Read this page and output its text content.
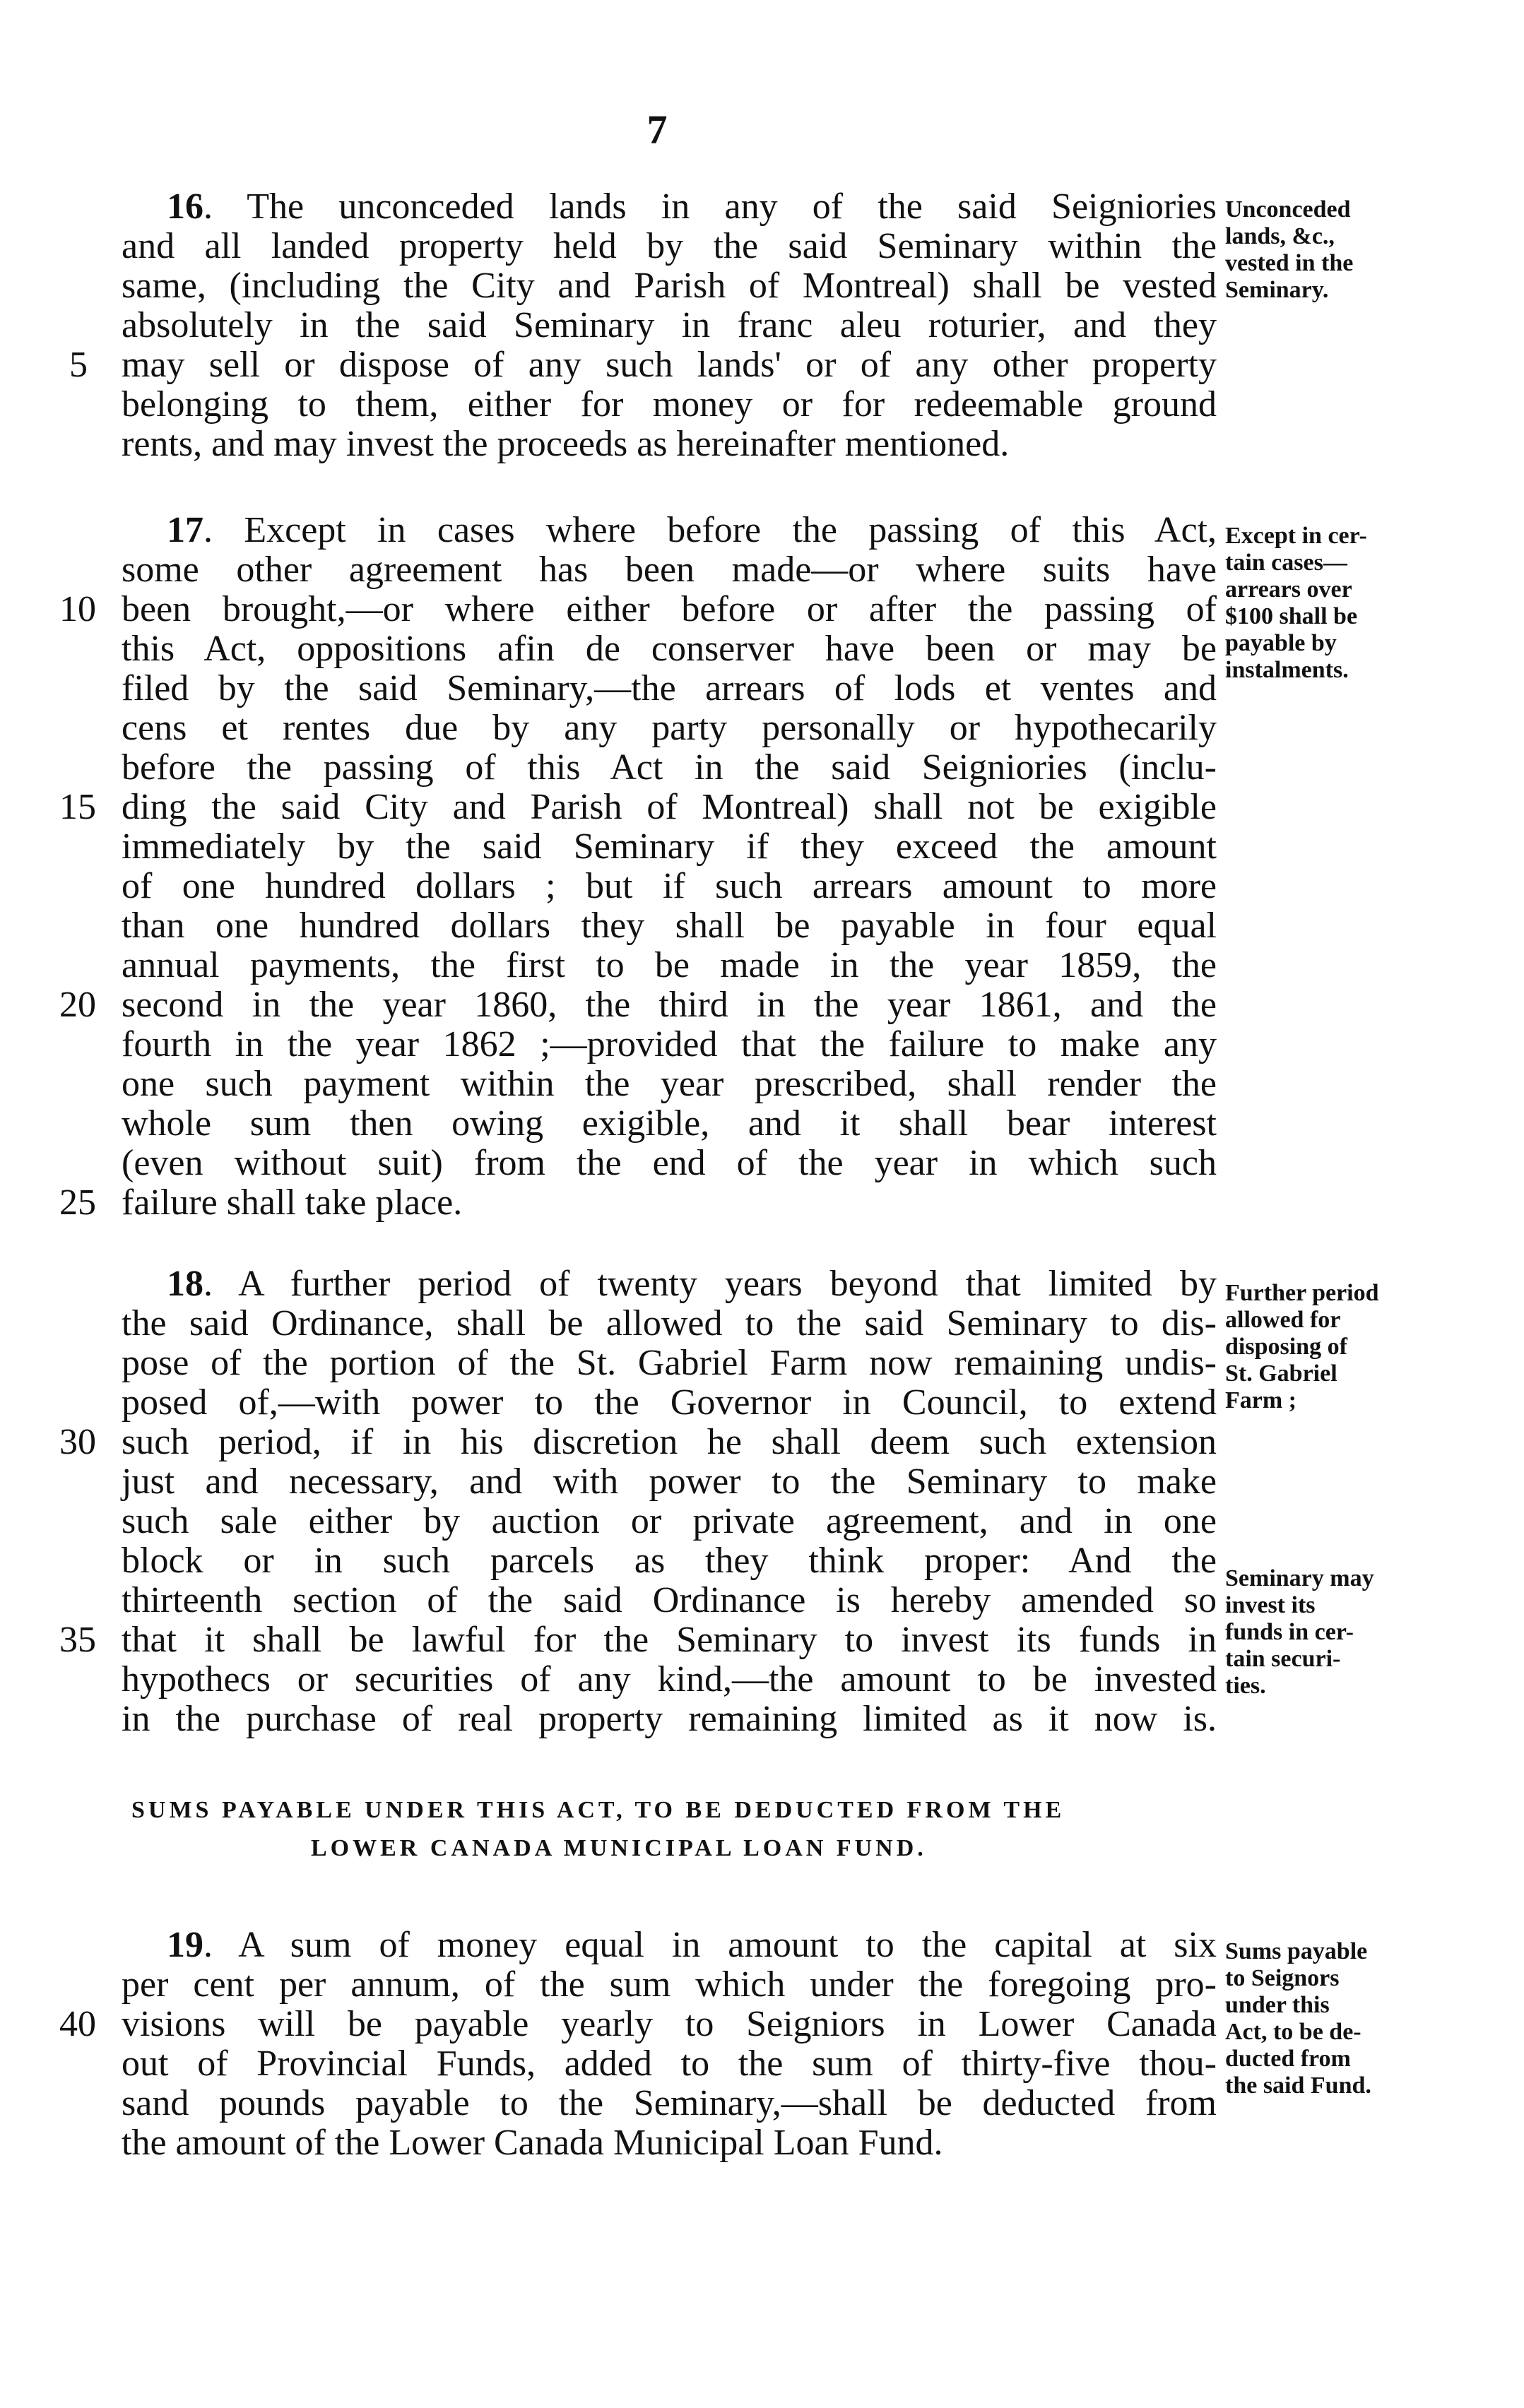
7
16. The unconceded lands in any of the said Seigniories
and all landed property held by the said Seminary within the
same, (including the City and Parish of Montreal) shall be vested
absolutely in the said Seminary in franc aleu roturier, and they
may sell or dispose of any such lands' or of any other property
belonging to them, either for money or for redeemable ground
rents, and may invest the proceeds as hereinafter mentioned.
Unconceded
lands, &c.,
vested in the
Seminary.
17. Except in cases where before the passing of this Act,
some other agreement has been made—or where suits have
been brought,—or where either before or after the passing of
this Act, oppositions afin de conserver have been or may be
filed by the said Seminary,—the arrears of lods et ventes and
cens et rentes due by any party personally or hypothecarily
before the passing of this Act in the said Seigniories (inclu-
ding the said City and Parish of Montreal) shall not be exigible
immediately by the said Seminary if they exceed the amount
of one hundred dollars ; but if such arrears amount to more
than one hundred dollars they shall be payable in four equal
annual payments, the first to be made in the year 1859, the
second in the year 1860, the third in the year 1861, and the
fourth in the year 1862 ;—provided that the failure to make any
one such payment within the year prescribed, shall render the
whole sum then owing exigible, and it shall bear interest
(even without suit) from the end of the year in which such
failure shall take place.
Except in cer-
tain cases—
arrears over
$100 shall be
payable by
instalments.
18. A further period of twenty years beyond that limited by
the said Ordinance, shall be allowed to the said Seminary to dis-
pose of the portion of the St. Gabriel Farm now remaining undis-
posed of,—with power to the Governor in Council, to extend
such period, if in his discretion he shall deem such extension
just and necessary, and with power to the Seminary to make
such sale either by auction or private agreement, and in one
block or in such parcels as they think proper: And the
thirteenth section of the said Ordinance is hereby amended so
that it shall be lawful for the Seminary to invest its funds in
hypothecs or securities of any kind,—the amount to be invested
in the purchase of real property remaining limited as it now is.
Further period
allowed for
disposing of
St. Gabriel
Farm ;
Seminary may
invest its
funds in cer-
tain securi-
ties.
SUMS PAYABLE UNDER THIS ACT, TO BE DEDUCTED FROM THE
LOWER CANADA MUNICIPAL LOAN FUND.
19. A sum of money equal in amount to the capital at six
per cent per annum, of the sum which under the foregoing pro-
visions will be payable yearly to Seigniors in Lower Canada
out of Provincial Funds, added to the sum of thirty-five thou-
sand pounds payable to the Seminary,—shall be deducted from
the amount of the Lower Canada Municipal Loan Fund.
Sums payable
to Seignors
under this
Act, to be de-
ducted from
the said Fund.
5
10
15
20
25
30
35
40
